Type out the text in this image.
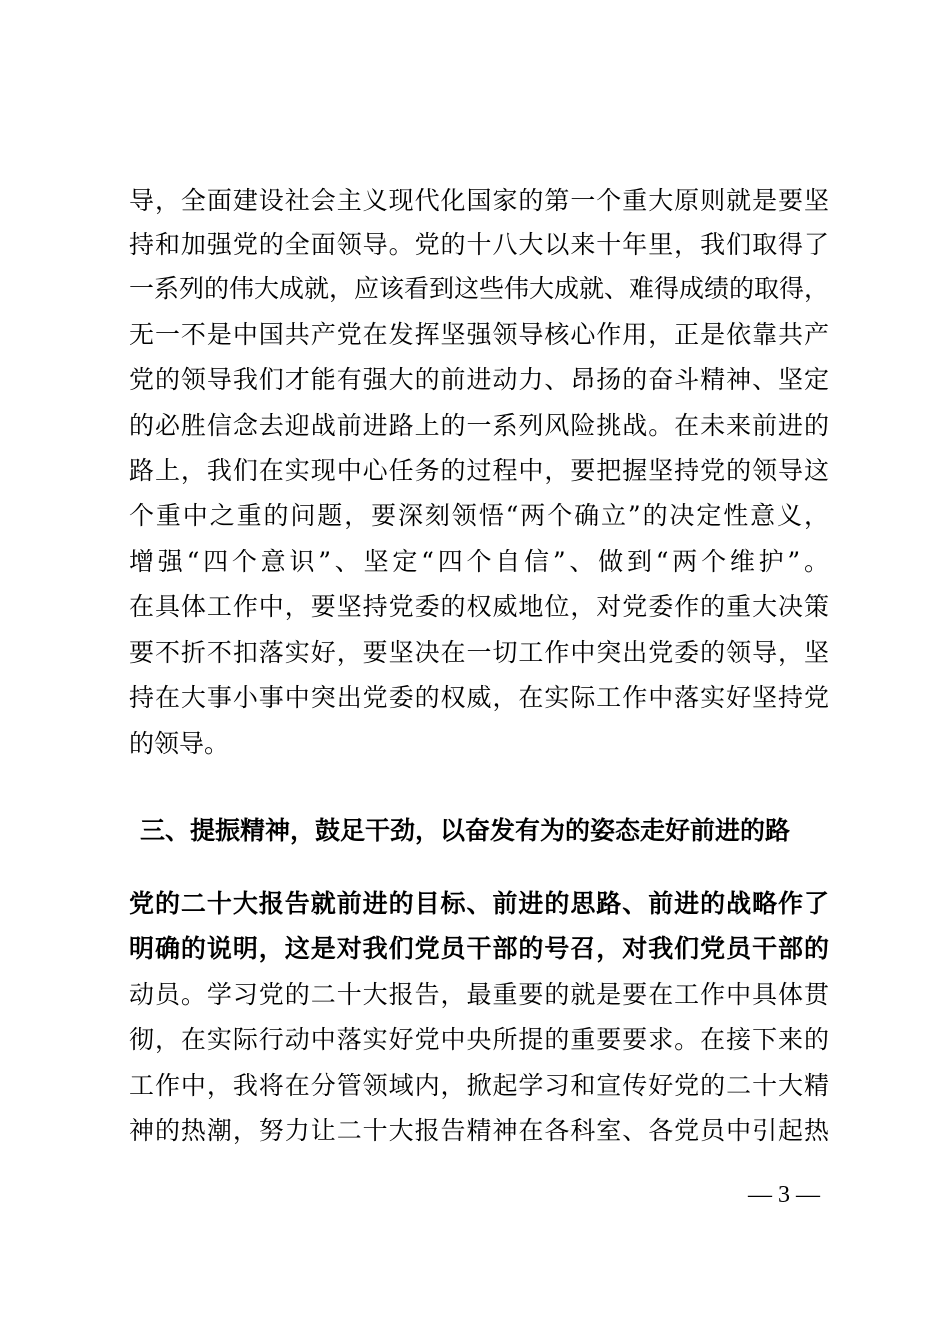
导，全面建设社会主义现代化国家的第一个重大原则就是要坚
持和加强党的全面领导。党的十八大以来十年里，我们取得了
一系列的伟大成就，应该看到这些伟大成就、难得成绩的取得，
无一不是中国共产党在发挥坚强领导核心作用，正是依靠共产
党的领导我们才能有强大的前进动力、昂扬的奋斗精神、坚定
的必胜信念去迎战前进路上的一系列风险挑战。在未来前进的
路上，我们在实现中心任务的过程中，要把握坚持党的领导这
个重中之重的问题，要深刻领悟“两个确立”的决定性意义，
增强“四个意识”、坚定“四个自信”、做到“两个维护”。
在具体工作中，要坚持党委的权威地位，对党委作的重大决策
要不折不扣落实好，要坚决在一切工作中突出党委的领导，坚
持在大事小事中突出党委的权威，在实际工作中落实好坚持党
的领导。
三、提振精神，鼓足干劲，以奋发有为的姿态走好前进的路
党的二十大报告就前进的目标、前进的思路、前进的战略作了
明确的说明，这是对我们党员干部的号召，对我们党员干部的
动员。学习党的二十大报告，最重要的就是要在工作中具体贯
彻，在实际行动中落实好党中央所提的重要要求。在接下来的
工作中，我将在分管领域内，掀起学习和宣传好党的二十大精
神的热潮，努力让二十大报告精神在各科室、各党员中引起热
— 3 —
